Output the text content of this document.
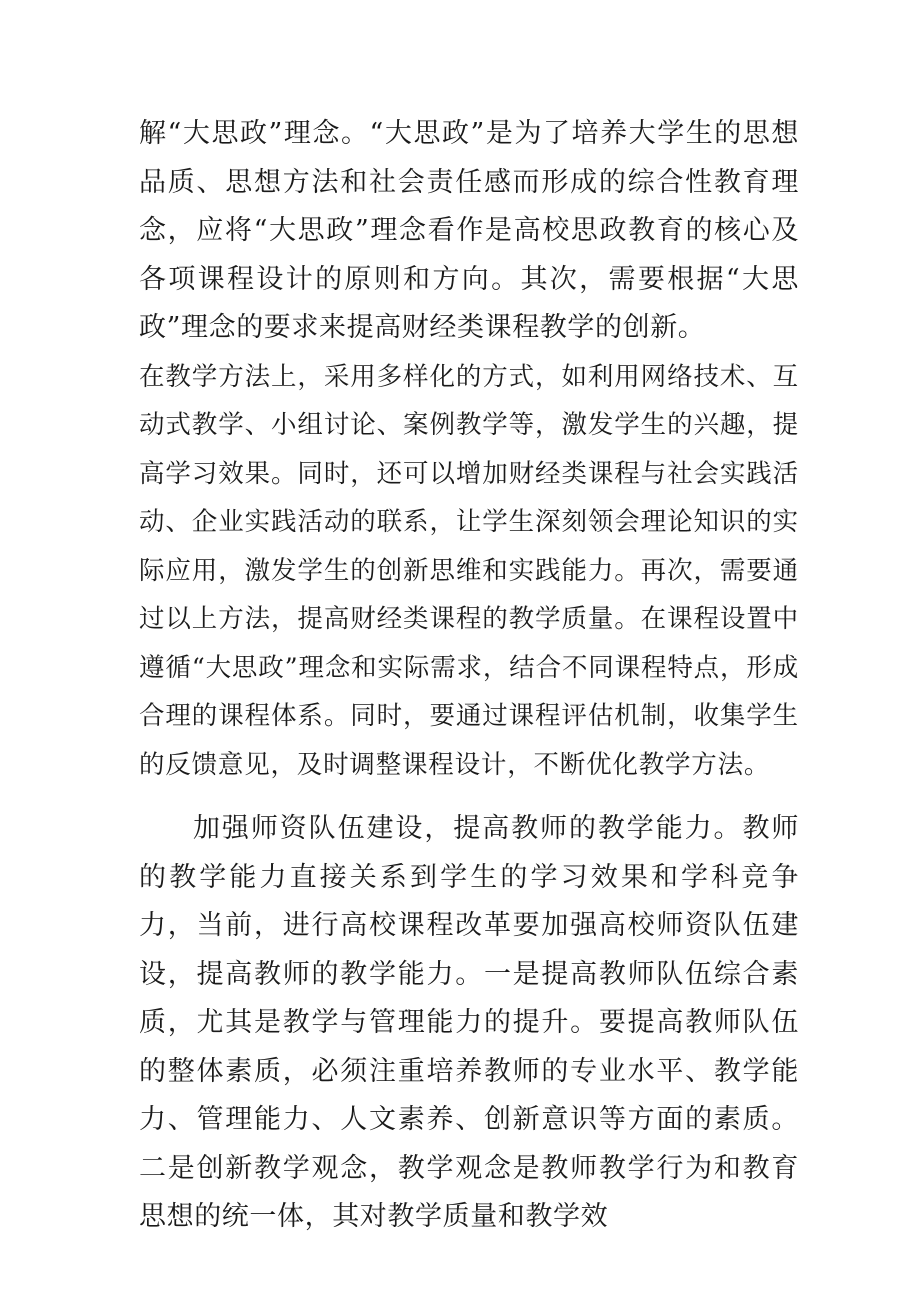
解“大思政”理念。“大思政”是为了培养大学生的思想品质、思想方法和社会责任感而形成的综合性教育理念，应将“大思政”理念看作是高校思政教育的核心及各项课程设计的原则和方向。其次，需要根据“大思政”理念的要求来提高财经类课程教学的创新。

在教学方法上，采用多样化的方式，如利用网络技术、互动式教学、小组讨论、案例教学等，激发学生的兴趣，提高学习效果。同时，还可以增加财经类课程与社会实践活动、企业实践活动的联系，让学生深刻领会理论知识的实际应用，激发学生的创新思维和实践能力。再次，需要通过以上方法，提高财经类课程的教学质量。在课程设置中遵循“大思政”理念和实际需求，结合不同课程特点，形成合理的课程体系。同时，要通过课程评估机制，收集学生的反馈意见，及时调整课程设计，不断优化教学方法。

加强师资队伍建设，提高教师的教学能力。教师的教学能力直接关系到学生的学习效果和学科竞争力，当前，进行高校课程改革要加强高校师资队伍建设，提高教师的教学能力。一是提高教师队伍综合素质，尤其是教学与管理能力的提升。要提高教师队伍的整体素质，必须注重培养教师的专业水平、教学能力、管理能力、人文素养、创新意识等方面的素质。二是创新教学观念，教学观念是教师教学行为和教育思想的统一体，其对教学质量和教学效
